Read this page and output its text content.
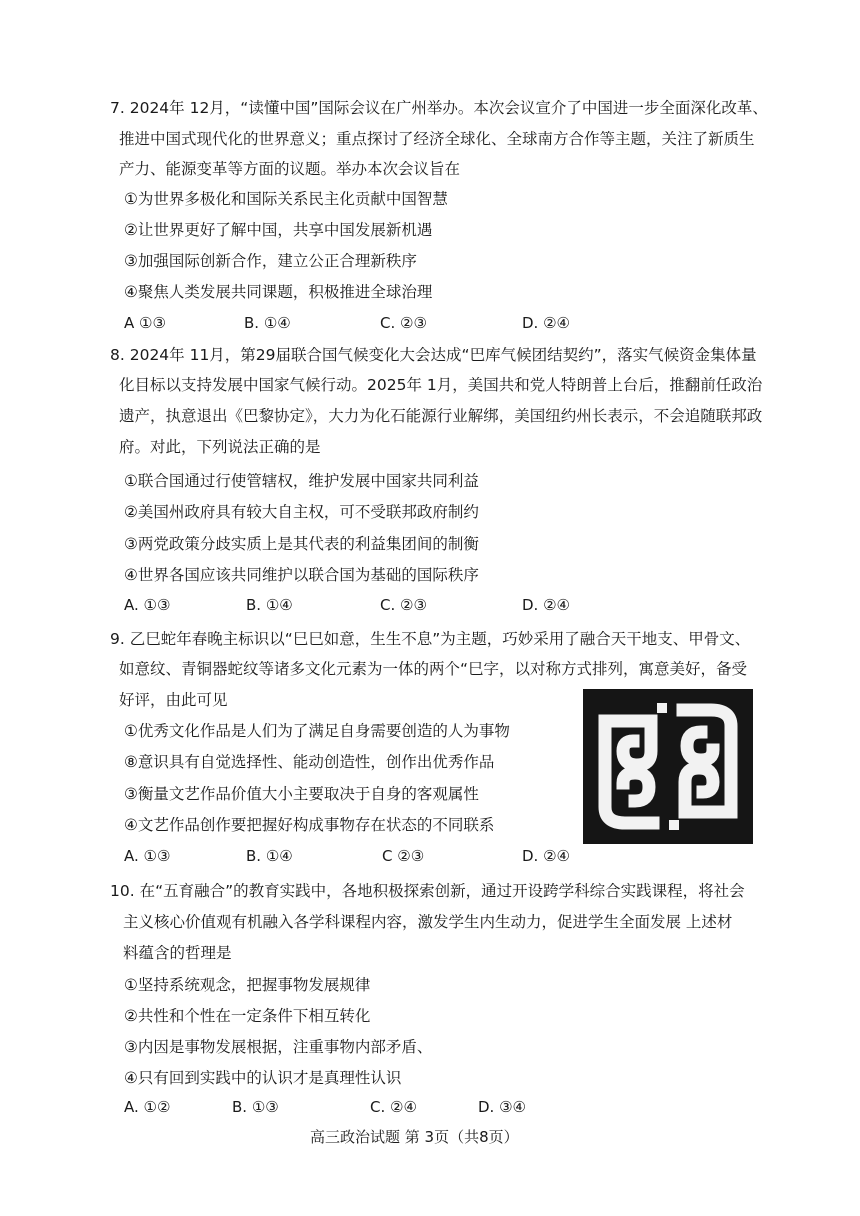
7. 2024年 12月，“读懂中国”国际会议在广州举办。本次会议宣介了中国进一步全面深化改革、
推进中国式现代化的世界意义；重点探讨了经济全球化、全球南方合作等主题，关注了新质生
产力、能源变革等方面的议题。举办本次会议旨在
①为世界多极化和国际关系民主化贡献中国智慧
②让世界更好了解中国，共享中国发展新机遇
③加强国际创新合作，建立公正合理新秩序
④聚焦人类发展共同课题，积极推进全球治理
A ①③	B. ①④	C. ②③	D. ②④
8. 2024年 11月，第29届联合国气候变化大会达成“巴库气候团结契约”，落实气候资金集体量
化目标以支持发展中国家气候行动。2025年 1月，美国共和党人特朗普上台后，推翻前任政治
遗产，执意退出《巴黎协定》，大力为化石能源行业解绑，美国纽约州长表示，不会追随联邦政
府。对此，下列说法正确的是
①联合国通过行使管辖权，维护发展中国家共同利益
②美国州政府具有较大自主权，可不受联邦政府制约
③两党政策分歧实质上是其代表的利益集团间的制衡
④世界各国应该共同维护以联合国为基础的国际秩序
A. ①③	B. ①④	C. ②③	D. ②④
9. 乙巳蛇年春晚主标识以“巳巳如意，生生不息”为主题，巧妙采用了融合天干地支、甲骨文、
如意纹、青铜器蛇纹等诸多文化元素为一体的两个“巳字，以对称方式排列，寓意美好，备受
好评，由此可见
①优秀文化作品是人们为了满足自身需要创造的人为事物
⑧意识具有自觉选择性、能动创造性，创作出优秀作品
③衡量文艺作品价值大小主要取决于自身的客观属性
④文艺作品创作要把握好构成事物存在状态的不同联系
A. ①③	B. ①④	C ②③	D. ②④
10. 在“五育融合”的教育实践中，各地积极探索创新，通过开设跨学科综合实践课程，将社会
主义核心价值观有机融入各学科课程内容，激发学生内生动力，促进学生全面发展 上述材
料蕴含的哲理是
①坚持系统观念，把握事物发展规律
②共性和个性在一定条件下相互转化
③内因是事物发展根据，注重事物内部矛盾、
④只有回到实践中的认识才是真理性认识
A. ①②	B. ①③	C. ②④	D. ③④
高三政治试题 第 3页（共8页）
